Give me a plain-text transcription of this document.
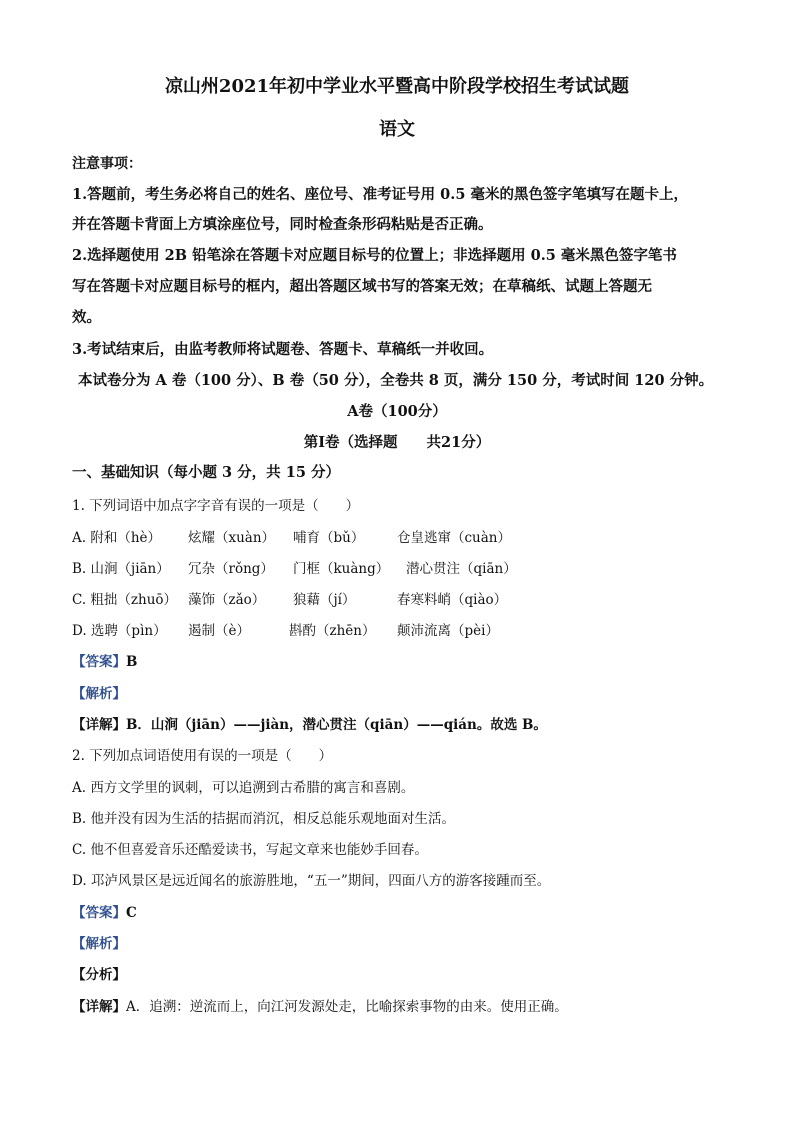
凉山州2021年初中学业水平暨高中阶段学校招生考试试题
语文
注意事项：
1.答题前，考生务必将自己的姓名、座位号、准考证号用 0.5 毫米的黑色签字笔填写在题卡上，
并在答题卡背面上方填涂座位号，同时检查条形码粘贴是否正确。
2.选择题使用 2B 铅笔涂在答题卡对应题目标号的位置上；非选择题用 0.5 毫米黑色签字笔书
写在答题卡对应题目标号的框内，超出答题区域书写的答案无效；在草稿纸、试题上答题无
效。
3.考试结束后，由监考教师将试题卷、答题卡、草稿纸一并收回。
本试卷分为 A 卷（100 分）、B 卷（50 分），全卷共 8 页，满分 150 分，考试时间 120 分钟。
A卷（100分）
第Ⅰ卷（选择题　　共21分）
一、基础知识（每小题 3 分，共 15 分）
1. 下列词语中加点字字音有误的一项是（　　）
A. 附和（hè） 炫耀（xuàn） 哺育（bǔ） 仓皇逃窜（cuàn）
B. 山涧（jiān） 冗杂（rǒng） 门框（kuàng） 潜心贯注（qiān）
C. 粗拙（zhuō） 藻饰（zǎo） 狼藉（jí）	春寒料峭（qiào）
D. 选聘（pìn） 遏制（è）	斟酌（zhēn） 颠沛流离（pèi）
【答案】B
【解析】
【详解】B．山涧（jiān）——jiàn，潜心贯注（qiān）——qián。故选 B。
2. 下列加点词语使用有误的一项是（　　）
A. 西方文学里的讽刺，可以追溯到古希腊的寓言和喜剧。
B. 他并没有因为生活的拮据而消沉，相反总能乐观地面对生活。
C. 他不但喜爱音乐还酷爱读书，写起文章来也能妙手回春。
D. 邛泸风景区是远近闻名的旅游胜地，“五一”期间，四面八方的游客接踵而至。
【答案】C
【解析】
【分析】
【详解】A．追溯：逆流而上，向江河发源处走，比喻探索事物的由来。使用正确。
